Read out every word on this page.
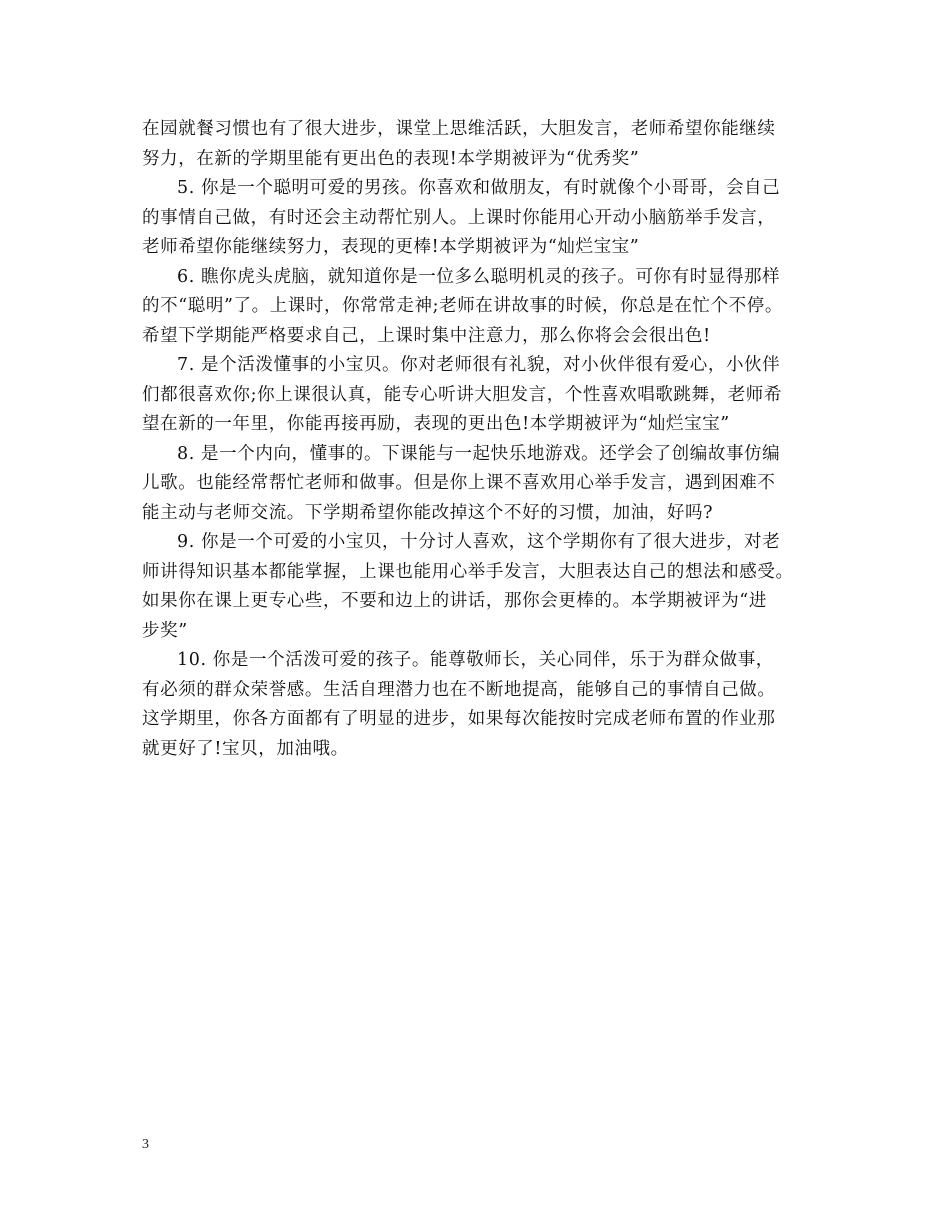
在园就餐习惯也有了很大进步，课堂上思维活跃，大胆发言，老师希望你能继续
努力，在新的学期里能有更出色的表现!本学期被评为“优秀奖”

5. 你是一个聪明可爱的男孩。你喜欢和做朋友，有时就像个小哥哥，会自己
的事情自己做，有时还会主动帮忙别人。上课时你能用心开动小脑筋举手发言，
老师希望你能继续努力，表现的更棒!本学期被评为“灿烂宝宝”

6. 瞧你虎头虎脑，就知道你是一位多么聪明机灵的孩子。可你有时显得那样
的不“聪明”了。上课时，你常常走神;老师在讲故事的时候，你总是在忙个不停。
希望下学期能严格要求自己，上课时集中注意力，那么你将会会很出色!

7. 是个活泼懂事的小宝贝。你对老师很有礼貌，对小伙伴很有爱心，小伙伴
们都很喜欢你;你上课很认真，能专心听讲大胆发言，个性喜欢唱歌跳舞，老师希
望在新的一年里，你能再接再励，表现的更出色!本学期被评为“灿烂宝宝”

8. 是一个内向，懂事的。下课能与一起快乐地游戏。还学会了创编故事仿编
儿歌。也能经常帮忙老师和做事。但是你上课不喜欢用心举手发言，遇到困难不
能主动与老师交流。下学期希望你能改掉这个不好的习惯，加油，好吗?

9. 你是一个可爱的小宝贝，十分讨人喜欢，这个学期你有了很大进步，对老
师讲得知识基本都能掌握，上课也能用心举手发言，大胆表达自己的想法和感受。
如果你在课上更专心些，不要和边上的讲话，那你会更棒的。本学期被评为“进
步奖”

10. 你是一个活泼可爱的孩子。能尊敬师长，关心同伴，乐于为群众做事，
有必须的群众荣誉感。生活自理潜力也在不断地提高，能够自己的事情自己做。
这学期里，你各方面都有了明显的进步，如果每次能按时完成老师布置的作业那
就更好了!宝贝，加油哦。

3
